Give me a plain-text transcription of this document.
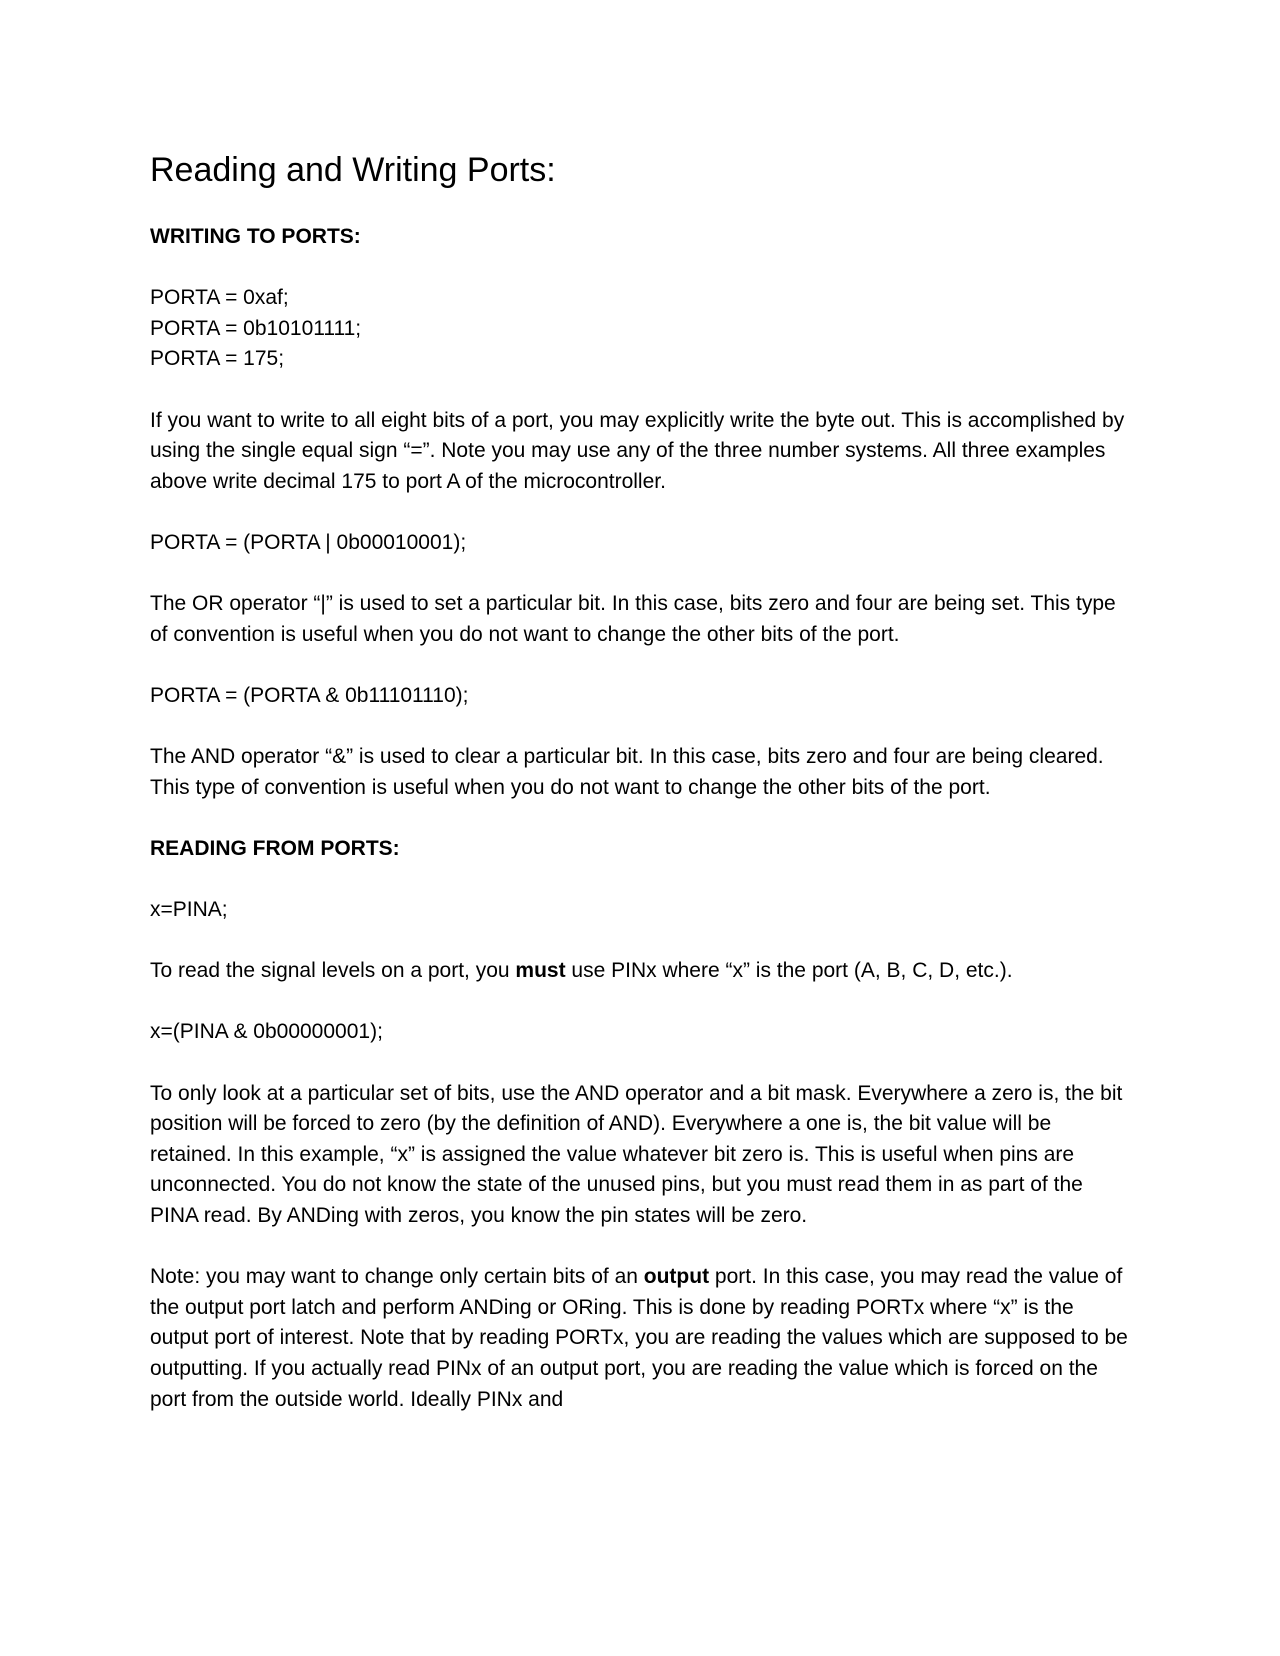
Reading and Writing Ports:
WRITING TO PORTS:
PORTA = 0xaf;
PORTA = 0b10101111;
PORTA = 175;
If you want to write to all eight bits of a port, you may explicitly write the byte out. This is accomplished by using the single equal sign “=”. Note you may use any of the three number systems. All three examples above write decimal 175 to port A of the microcontroller.
PORTA = (PORTA | 0b00010001);
The OR operator “|” is used to set a particular bit. In this case, bits zero and four are being set. This type of convention is useful when you do not want to change the other bits of the port.
PORTA = (PORTA & 0b11101110);
The AND operator “&” is used to clear a particular bit. In this case, bits zero and four are being cleared. This type of convention is useful when you do not want to change the other bits of the port.
READING FROM PORTS:
x=PINA;
To read the signal levels on a port, you must use PINx where “x” is the port (A, B, C, D, etc.).
x=(PINA & 0b00000001);
To only look at a particular set of bits, use the AND operator and a bit mask. Everywhere a zero is, the bit position will be forced to zero (by the definition of AND). Everywhere a one is, the bit value will be retained. In this example, “x” is assigned the value whatever bit zero is. This is useful when pins are unconnected. You do not know the state of the unused pins, but you must read them in as part of the PINA read. By ANDing with zeros, you know the pin states will be zero.
Note: you may want to change only certain bits of an output port. In this case, you may read the value of the output port latch and perform ANDing or ORing. This is done by reading PORTx where “x” is the output port of interest. Note that by reading PORTx, you are reading the values which are supposed to be outputting. If you actually read PINx of an output port, you are reading the value which is forced on the port from the outside world. Ideally PINx and
